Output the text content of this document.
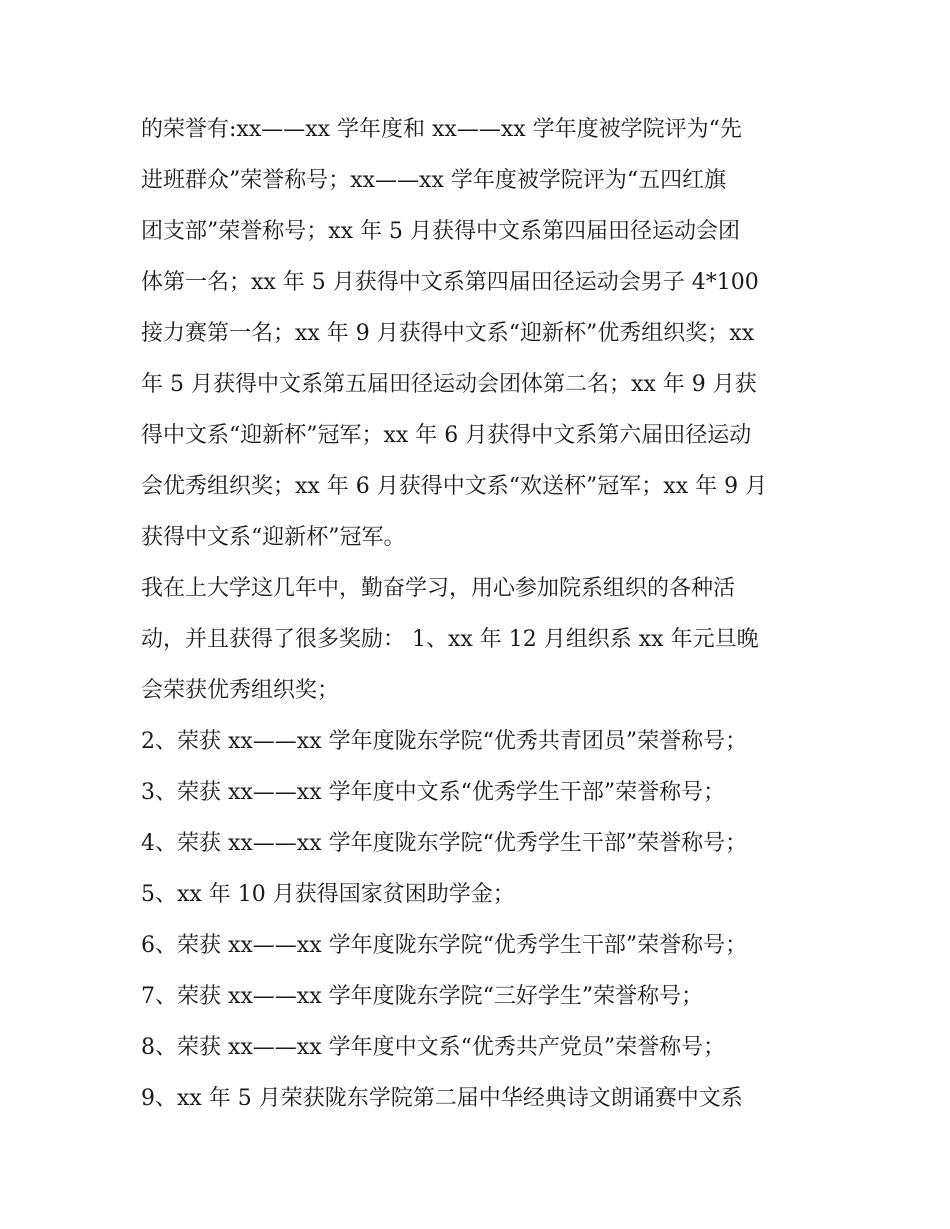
的荣誉有:xx——xx 学年度和 xx——xx 学年度被学院评为“先
进班群众”荣誉称号；xx——xx 学年度被学院评为“五四红旗
团支部”荣誉称号；xx 年 5 月获得中文系第四届田径运动会团
体第一名；xx 年 5 月获得中文系第四届田径运动会男子 4*100
接力赛第一名；xx 年 9 月获得中文系“迎新杯”优秀组织奖；xx
年 5 月获得中文系第五届田径运动会团体第二名；xx 年 9 月获
得中文系“迎新杯”冠军；xx 年 6 月获得中文系第六届田径运动
会优秀组织奖；xx 年 6 月获得中文系“欢送杯”冠军；xx 年 9 月
获得中文系“迎新杯”冠军。
我在上大学这几年中，勤奋学习，用心参加院系组织的各种活
动，并且获得了很多奖励： 1、xx 年 12 月组织系 xx 年元旦晚
会荣获优秀组织奖；
2、荣获 xx——xx 学年度陇东学院“优秀共青团员”荣誉称号；
3、荣获 xx——xx 学年度中文系“优秀学生干部”荣誉称号；
4、荣获 xx——xx 学年度陇东学院“优秀学生干部”荣誉称号；
5、xx 年 10 月获得国家贫困助学金；
6、荣获 xx——xx 学年度陇东学院“优秀学生干部”荣誉称号；
7、荣获 xx——xx 学年度陇东学院“三好学生”荣誉称号；
8、荣获 xx——xx 学年度中文系“优秀共产党员”荣誉称号；
9、xx 年 5 月荣获陇东学院第二届中华经典诗文朗诵赛中文系
